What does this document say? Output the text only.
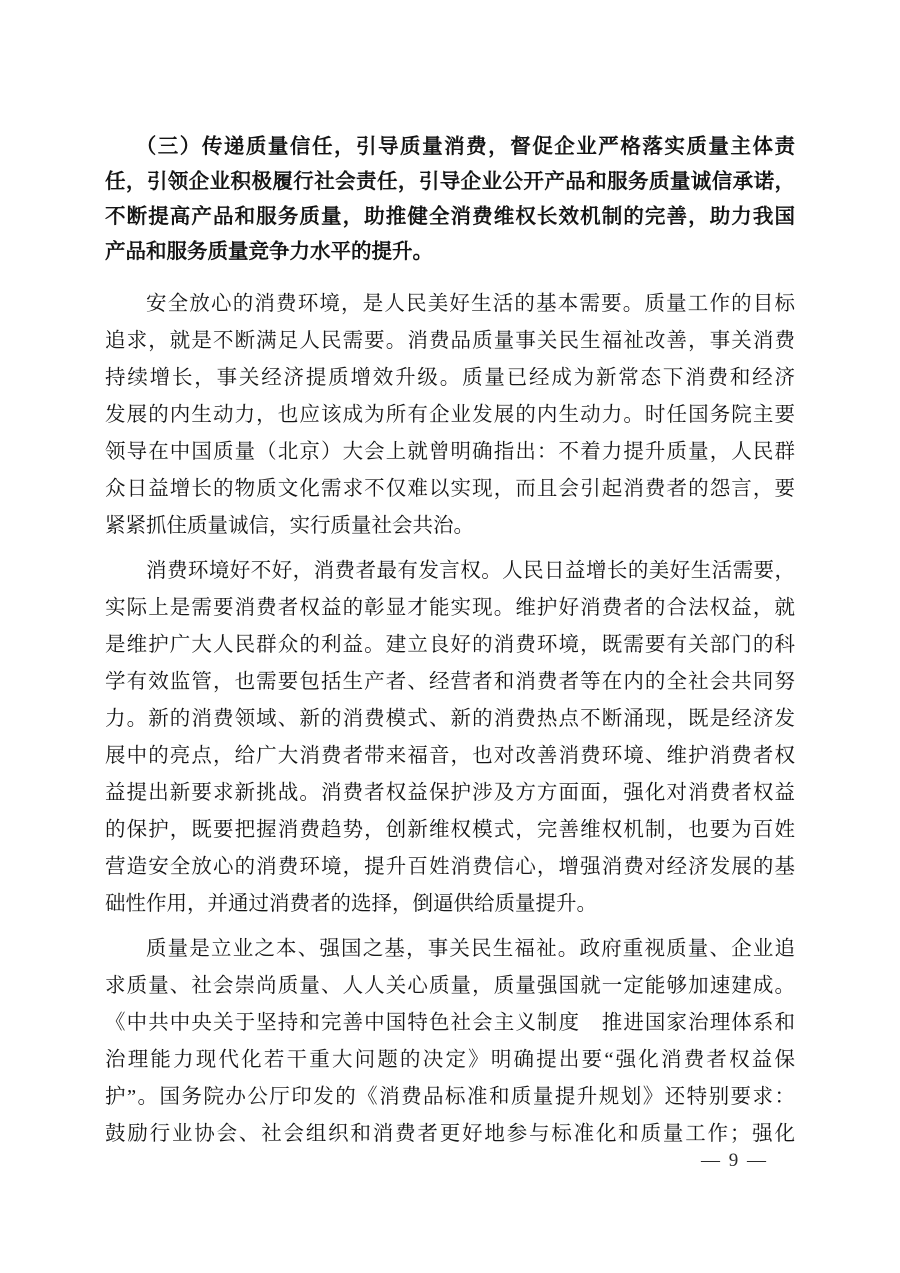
（三）传递质量信任，引导质量消费，督促企业严格落实质量主体责
任，引领企业积极履行社会责任，引导企业公开产品和服务质量诚信承诺，
不断提高产品和服务质量，助推健全消费维权长效机制的完善，助力我国
产品和服务质量竞争力水平的提升。
安全放心的消费环境，是人民美好生活的基本需要。质量工作的目标
追求，就是不断满足人民需要。消费品质量事关民生福祉改善，事关消费
持续增长，事关经济提质增效升级。质量已经成为新常态下消费和经济
发展的内生动力，也应该成为所有企业发展的内生动力。时任国务院主要
领导在中国质量（北京）大会上就曾明确指出：不着力提升质量，人民群
众日益增长的物质文化需求不仅难以实现，而且会引起消费者的怨言，要
紧紧抓住质量诚信，实行质量社会共治。
消费环境好不好，消费者最有发言权。人民日益增长的美好生活需要，
实际上是需要消费者权益的彰显才能实现。维护好消费者的合法权益，就
是维护广大人民群众的利益。建立良好的消费环境，既需要有关部门的科
学有效监管，也需要包括生产者、经营者和消费者等在内的全社会共同努
力。新的消费领域、新的消费模式、新的消费热点不断涌现，既是经济发
展中的亮点，给广大消费者带来福音，也对改善消费环境、维护消费者权
益提出新要求新挑战。消费者权益保护涉及方方面面，强化对消费者权益
的保护，既要把握消费趋势，创新维权模式，完善维权机制，也要为百姓
营造安全放心的消费环境，提升百姓消费信心，增强消费对经济发展的基
础性作用，并通过消费者的选择，倒逼供给质量提升。
质量是立业之本、强国之基，事关民生福祉。政府重视质量、企业追
求质量、社会崇尚质量、人人关心质量，质量强国就一定能够加速建成。
《中共中央关于坚持和完善中国特色社会主义制度　推进国家治理体系和
治理能力现代化若干重大问题的决定》明确提出要“强化消费者权益保
护”。国务院办公厅印发的《消费品标准和质量提升规划》还特别要求：
鼓励行业协会、社会组织和消费者更好地参与标准化和质量工作；强化
— 9 —
